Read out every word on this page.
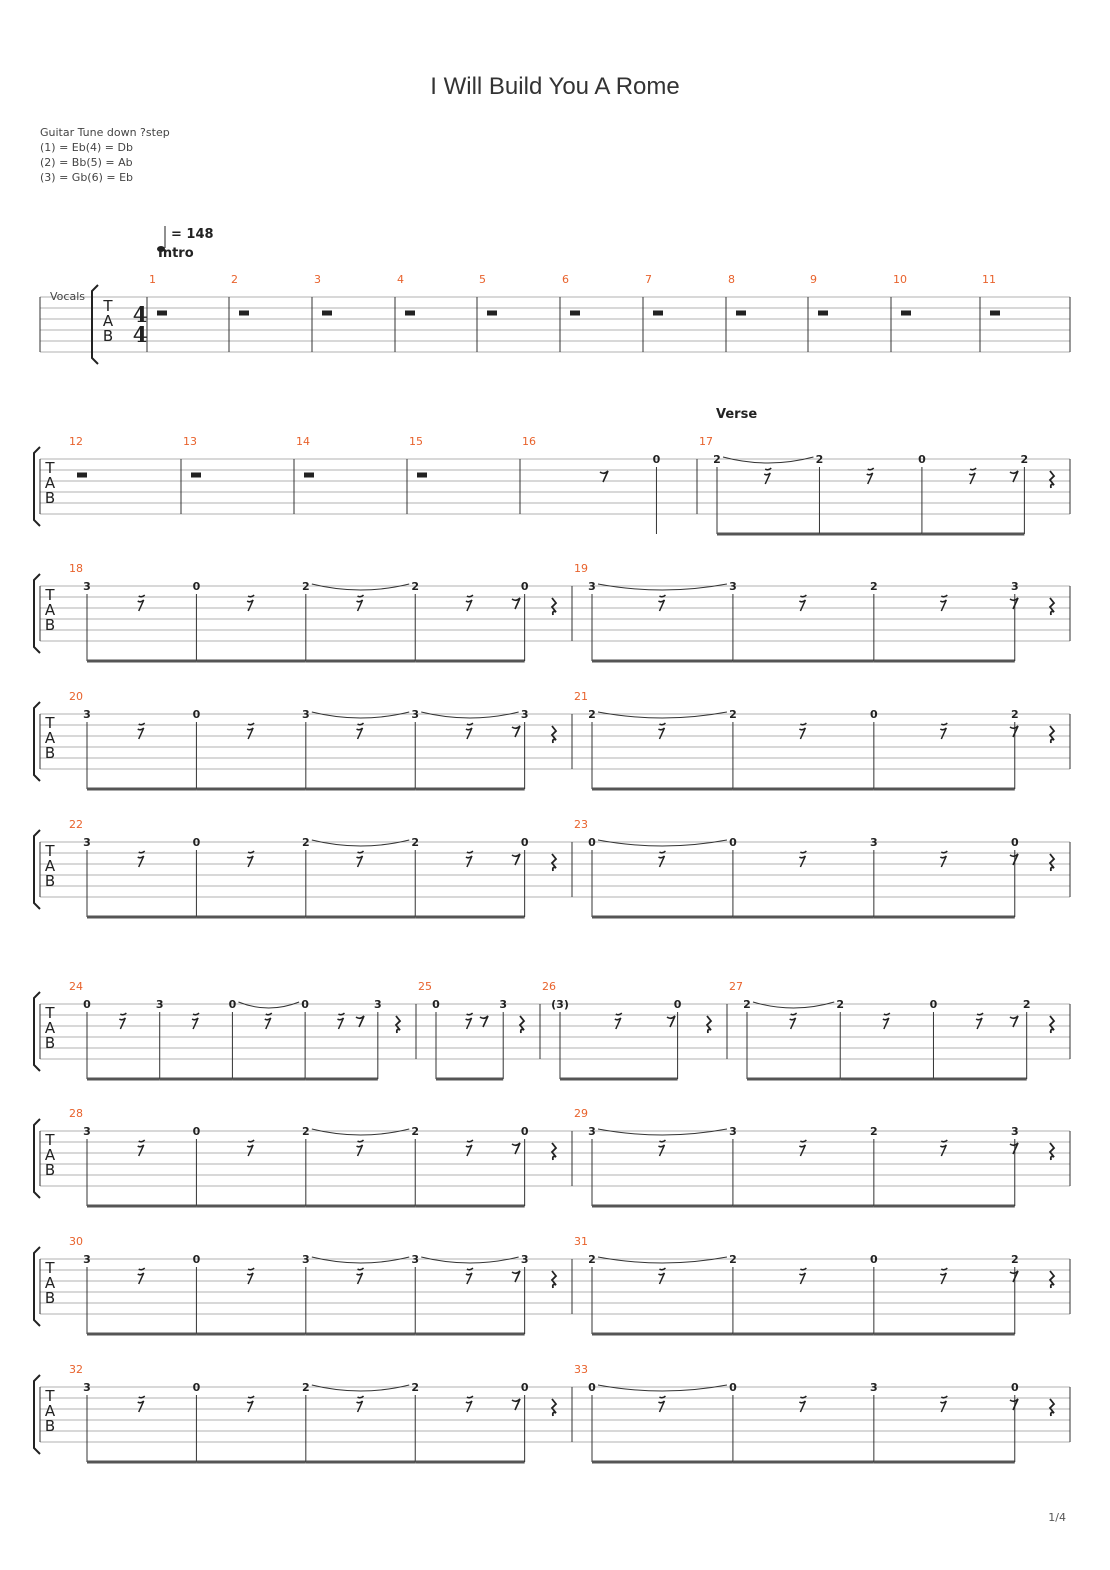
I Will Build You A Rome
Guitar Tune down ?step
(1) = Eb(4) = Db
(2) = Bb(5) = Ab
(3) = Gb(6) = Eb
T
A
B
1	2	3	4	5	6	7	8	9	10	11
T
A
B
12	13	14	15	16
0
17
2	2	0	2
T
A
B
18
3	0	2	2	0
19
3	3	2	3
T
A
B
20
3	0	3	3	3
21
2	2	0	2
T
A
B
22
3	0	2	2	0
23
0	0	3	0
T
A
B
24
0	3	0	0	3
25
0	3
26
(3)	0
27
2	2	0	2
T
A
B
28
3	0	2	2	0
29
3	3	2	3
T
A
B
30
3	0	3	3	3
31
2	2	0	2
T
A
B
32
3	0	2	2	0
33
0	0	3	0
Vocals
4
4
= 148
Intro
Verse
1/4
